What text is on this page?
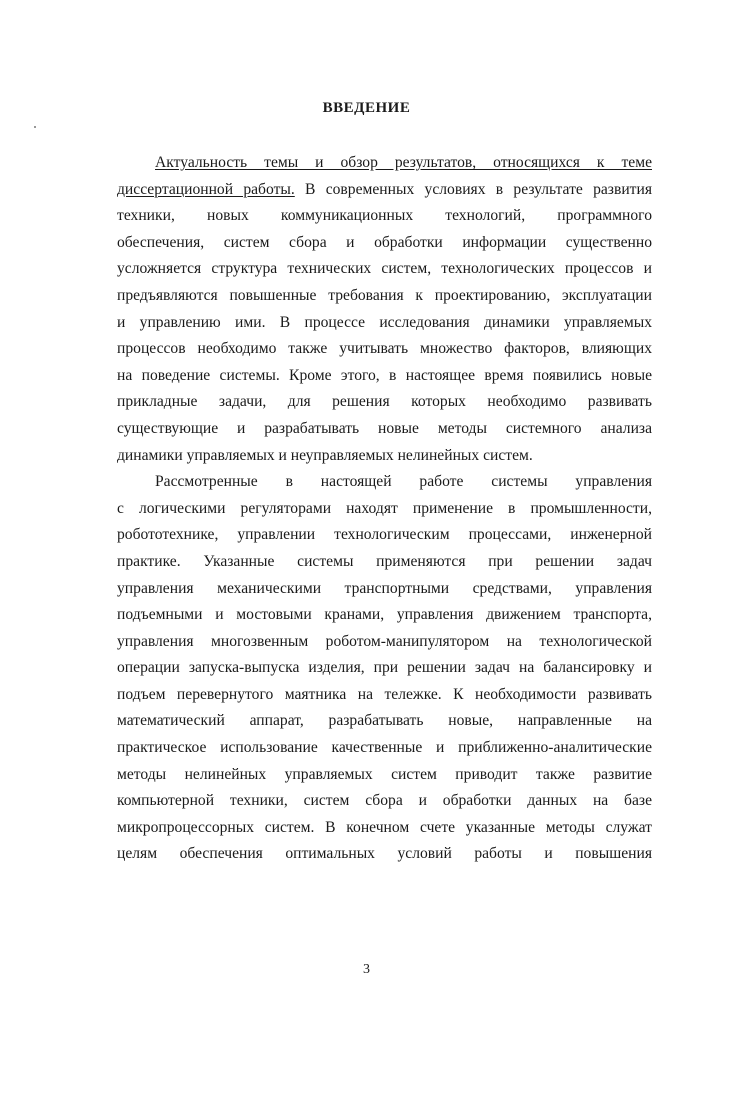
ВВЕДЕНИЕ
Актуальность темы и обзор результатов, относящихся к теме
диссертационной работы. В современных условиях в результате развития
техники, новых коммуникационных технологий, программного
обеспечения, систем сбора и обработки информации существенно
усложняется структура технических систем, технологических процессов и
предъявляются повышенные требования к проектированию, эксплуатации
и управлению ими. В процессе исследования динамики управляемых
процессов необходимо также учитывать множество факторов, влияющих
на поведение системы. Кроме этого, в настоящее время появились новые
прикладные задачи, для решения которых необходимо развивать
существующие и разрабатывать новые методы системного анализа
динамики управляемых и неуправляемых нелинейных систем.
Рассмотренные в настоящей работе системы управления
с логическими регуляторами находят применение в промышленности,
робототехнике, управлении технологическим процессами, инженерной
практике. Указанные системы применяются при решении задач
управления механическими транспортными средствами, управления
подъемными и мостовыми кранами, управления движением транспорта,
управления многозвенным роботом-манипулятором на технологической
операции запуска-выпуска изделия, при решении задач на балансировку и
подъем перевернутого маятника на тележке. К необходимости развивать
математический аппарат, разрабатывать новые, направленные на
практическое использование качественные и приближенно-аналитические
методы нелинейных управляемых систем приводит также развитие
компьютерной техники, систем сбора и обработки данных на базе
микропроцессорных систем. В конечном счете указанные методы служат
целям обеспечения оптимальных условий работы и повышения
3
